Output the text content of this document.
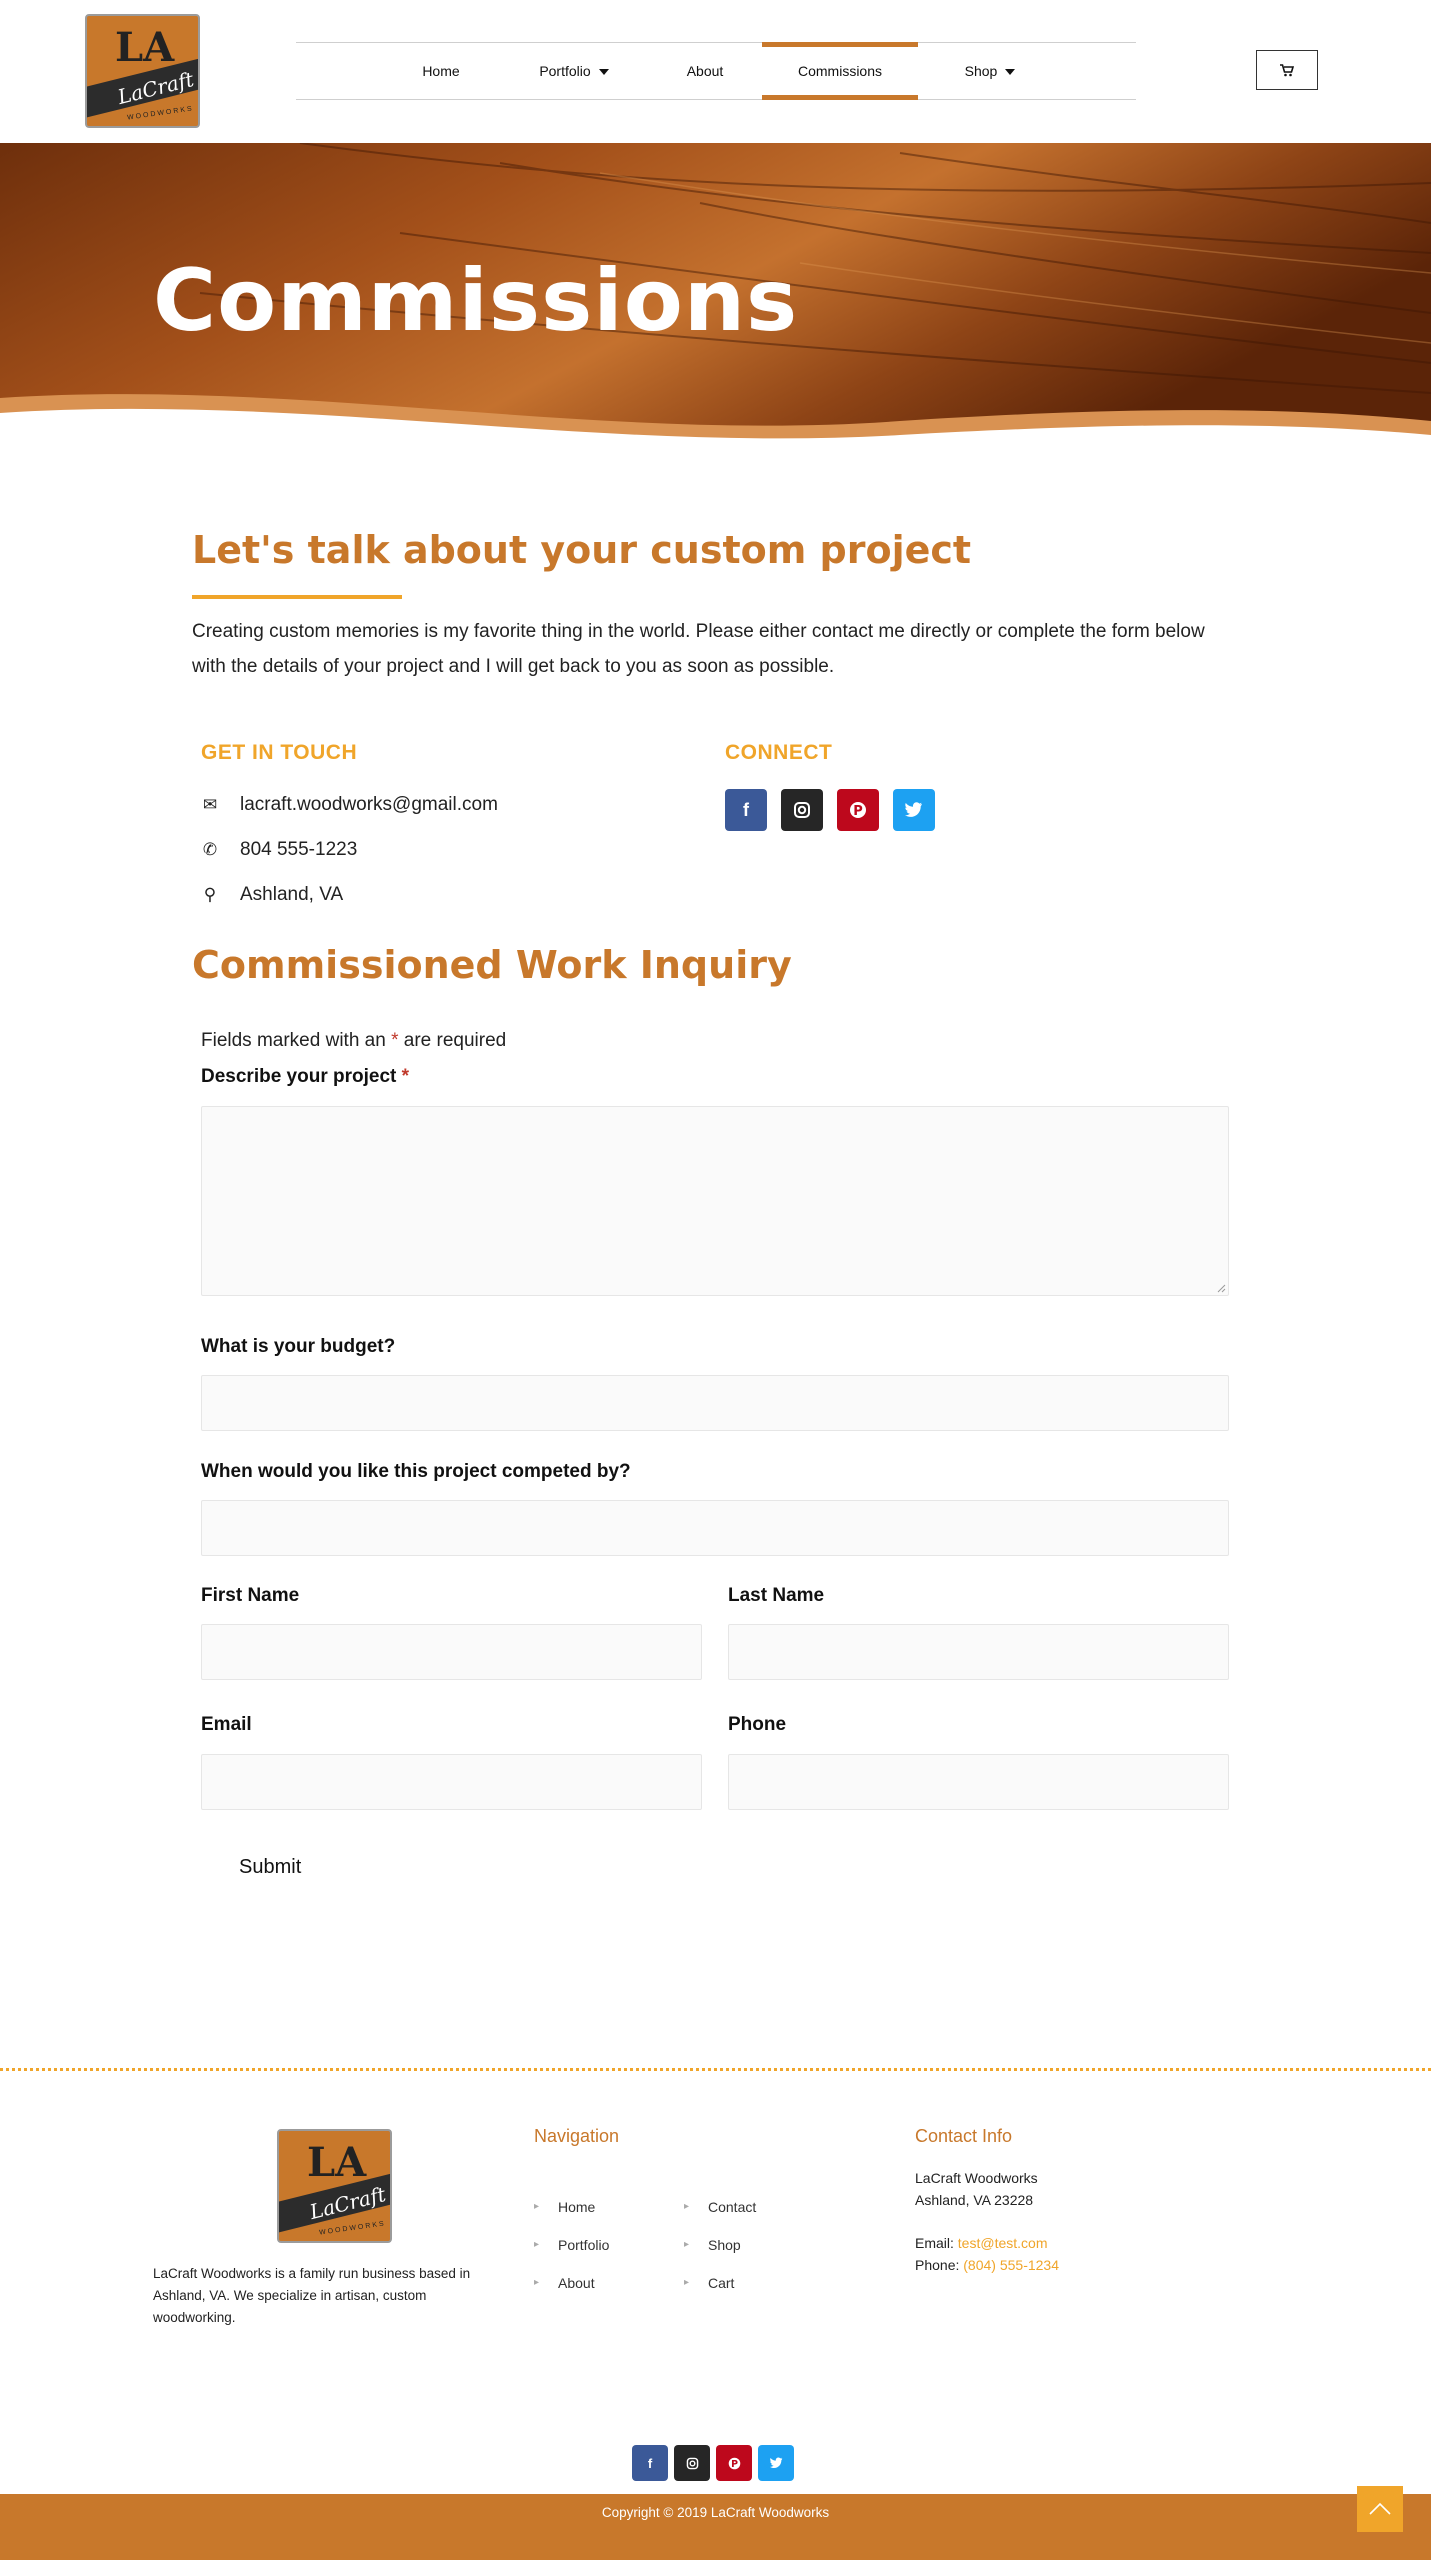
LA
LaCraft
WOODWORKS
Home	Portfolio	About	Commissions	Shop
Commissions
Let's talk about your custom project
Creating custom memories is my favorite thing in the world. Please either contact me directly or complete the form below with the details of your project and I will get back to you as soon as possible.
GET IN TOUCH
✉ lacraft.woodworks@gmail.com
✆ 804 555-1223
⚲ Ashland, VA
CONNECT
f	P
Commissioned Work Inquiry
Fields marked with an * are required
Describe your project *
What is your budget?
When would you like this project competed by?
First Name	Last Name
Email	Phone
Submit
LA
LaCraft
WOODWORKS
LaCraft Woodworks is a family run business based in Ashland, VA. We specialize in artisan, custom woodworking.
Navigation
▸ Home
▸ Portfolio
▸ About
▸ Contact
▸ Shop
▸ Cart
Contact Info
LaCraft Woodworks
Ashland, VA 23228
Email: test@test.com
Phone: (804) 555-1234
f	P
Copyright © 2019 LaCraft Woodworks
